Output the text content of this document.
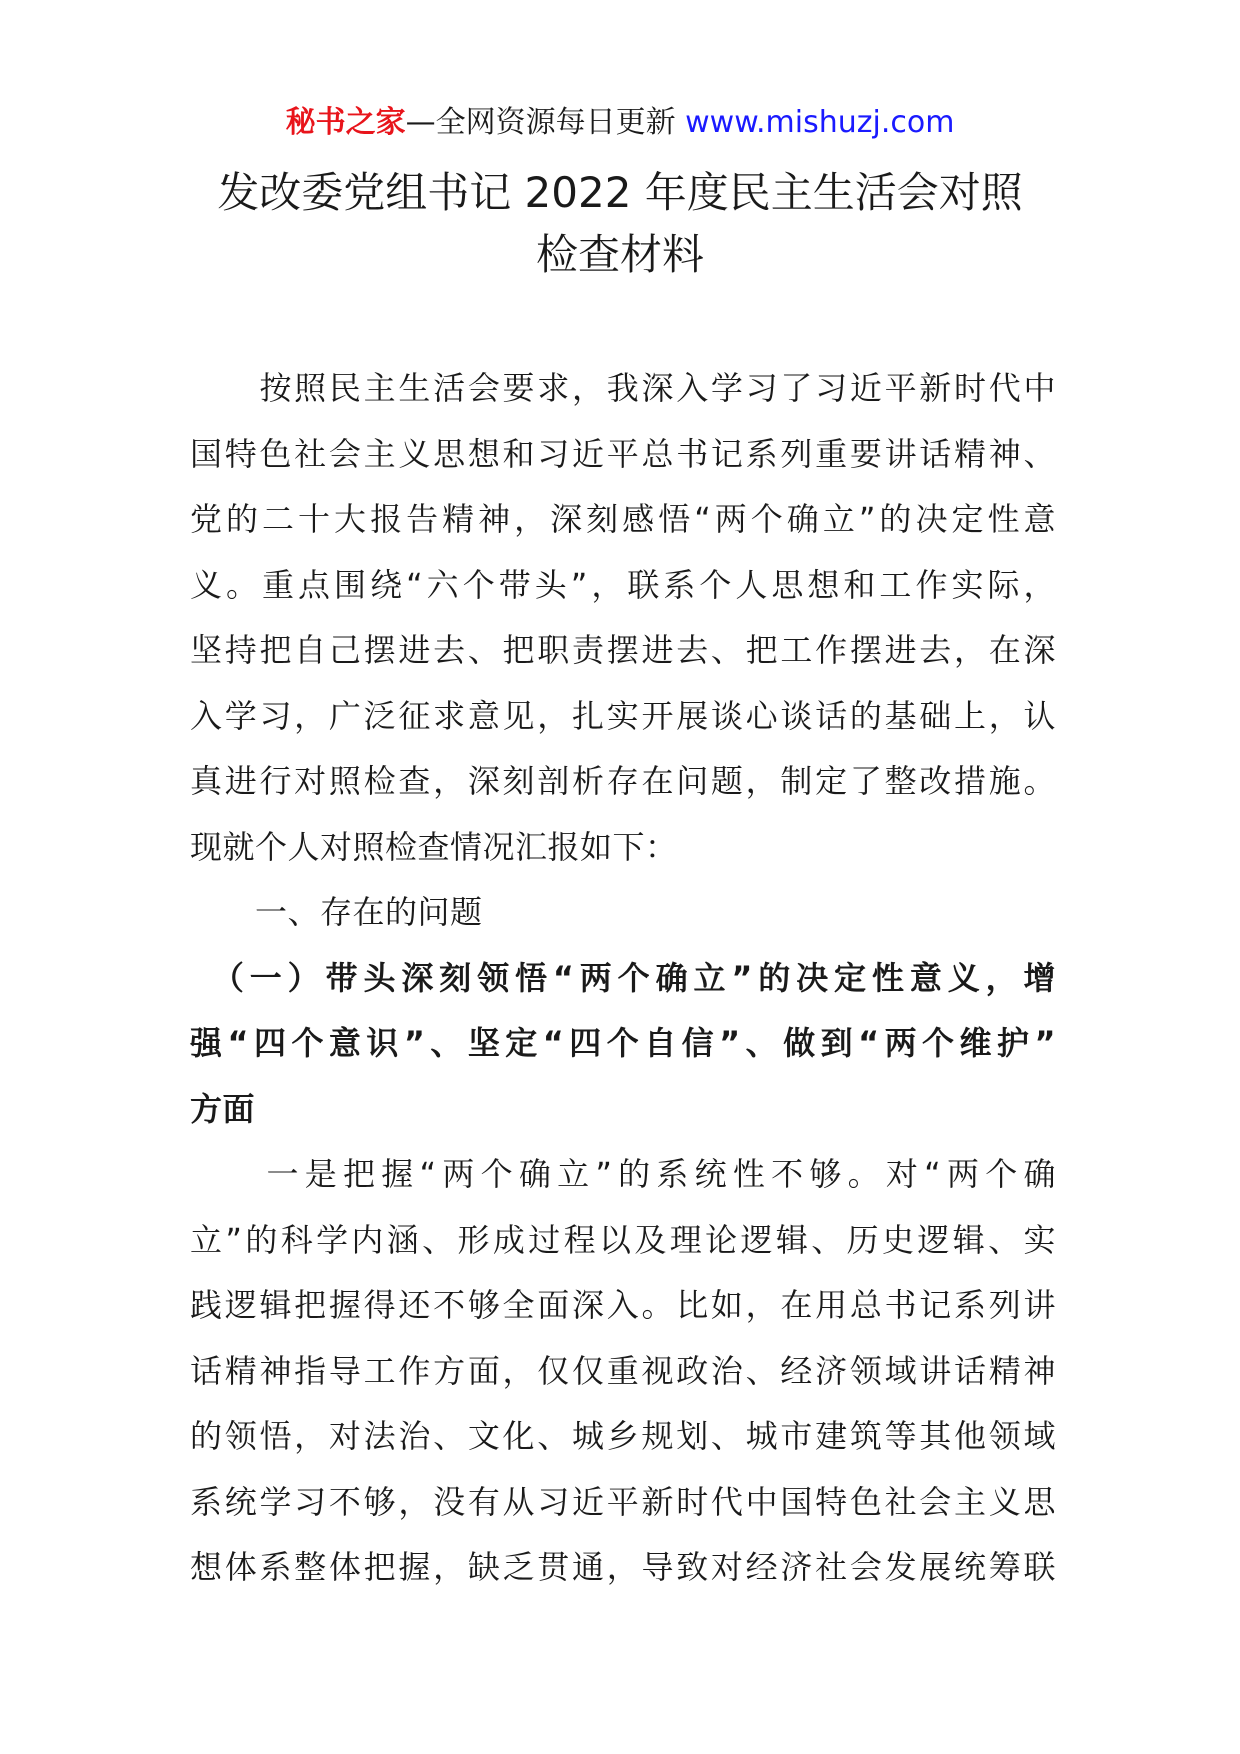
秘书之家—全网资源每日更新 www.mishuzj.com
发改委党组书记 2022 年度民主生活会对照
检查材料
　　按照民主生活会要求，我深入学习了习近平新时代中
国特色社会主义思想和习近平总书记系列重要讲话精神、
党的二十大报告精神，深刻感悟“两个确立”的决定性意
义。重点围绕“六个带头”，联系个人思想和工作实际，
坚持把自己摆进去、把职责摆进去、把工作摆进去，在深
入学习，广泛征求意见，扎实开展谈心谈话的基础上，认
真进行对照检查，深刻剖析存在问题，制定了整改措施。
现就个人对照检查情况汇报如下：
　　一、存在的问题
　（一）带头深刻领悟“两个确立”的决定性意义，增
强“四个意识”、坚定“四个自信”、做到“两个维护”
方面
　　一是把握“两个确立”的系统性不够。对“两个确
立”的科学内涵、形成过程以及理论逻辑、历史逻辑、实
践逻辑把握得还不够全面深入。比如，在用总书记系列讲
话精神指导工作方面，仅仅重视政治、经济领域讲话精神
的领悟，对法治、文化、城乡规划、城市建筑等其他领域
系统学习不够，没有从习近平新时代中国特色社会主义思
想体系整体把握，缺乏贯通，导致对经济社会发展统筹联
